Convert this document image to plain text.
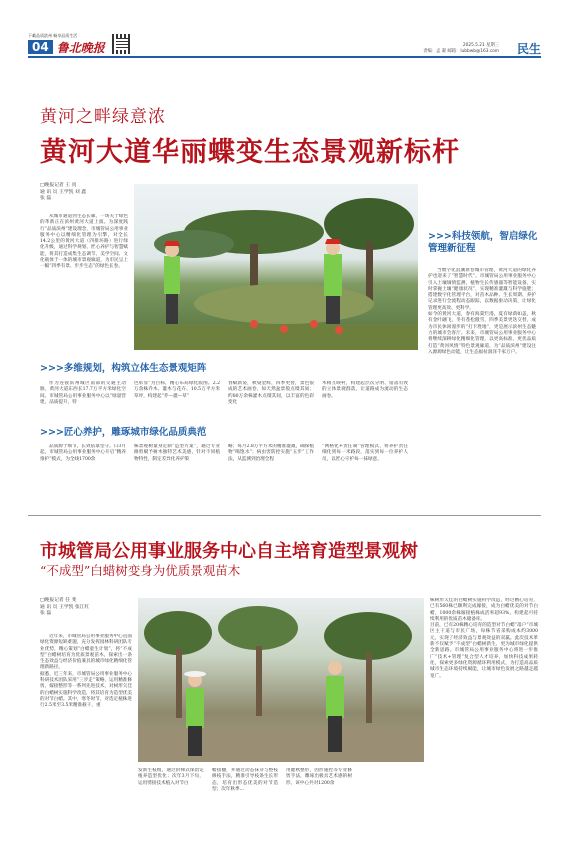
下載品质滨州 畅享品质生活
04 鲁北晚报	2025.5.21 星期三
责编：孟 凝 邮箱：lubbwb@163.com 民生
黄河之畔绿意浓
黄河大道华丽蝶变生态景观新标杆
□晚报记者 王 真
通 讯 员 王学凯 刘 鑫
张 磊
从城市通道到生态长廊，一场关于绿色的革新正在滨州黄河大道上演。为深度践行“品质滨州”建设理念，市城管局公用事业服务中心以精细化管理为引擎，对全长14.2公里的黄河大道（四排环路）进行绿化升级，通过科学规划、匠心养护与智慧赋能，将其打造成集生态调节、美学空间、文化载体于一体的城市景观廊道，为市民呈上一幅“四季有景、步步生态”的绿色长卷。
>>>科技领航，智启绿化管理新征程
当数字化浪潮席卷城市管理，黄河大道的绿化养护也迎来了“智慧时代”。市城管局公用事业服务中心引入土壤墒情监测，植物生长传感器等智能设备，实时掌握土壤“健康状况”，实现精准灌溉与科学施肥；搭建数字化管理平台，对苗木品种、生长周期、养护记录进行全流程动态跟踪，以数据驱动决策，让绿化管理更高效、更科学。
如今的黄河大道，春有海棠烂漫，夏有绿荫如盖，秋有金叶翩飞，冬有苍松傲雪，四季美景更迭交替，成为市民休闲漫步的“打卡胜地”，更是展示滨州生态魅力的城市会客厅。未来，市城管局公用事业服务中心将继续深耕绿化精细化管理，以更高标准、更优品质打造“黄河风情”特色景观廊道，为“品质滨州”建设注入源源绿色动能，让生态福祉润泽千家万户。
>>>多维规划，构筑立体生态景观矩阵
作为连接滨州城区南部的交通主动脉，黄河大道东西长17.7万平方米绿化空间。市城管局公用事业服务中心以“绿量营建，品质提升，特
色彰显”为目标，精心布局绿化版图。2.2万余株乔木、灌木与花卉、10.5万平方米草坪，构建起“乔—灌—草”
春赋新姿，秋染金辉，四季更替，景色很成的艺术画卷，如天然盆景般点缀其间；约80万余株灌木点缀其间，以丰富的色彩变化
木相互映衬，构建起层次分明、错落有致的立体景观群落，让道路成为流动的生态画卷。
>>>匠心养护，雕琢城市绿化品质典范
品质源于细节，长效依靠坚守。日3月起，市城管局公用事业服务中心开启“精养推护”模式，为全线1700余
株景观树量身定制“造型方案”，通过专业修剪赋予树木独特艺术美感，针对不同植物特性，制定差异化养护策
略；每月2.8万平方米的精准灌溉，确保植物“喝饱水”；病虫害防控实施“五步”工作法，从监测到治理全程
“网格化+责任制”管理模式，将养护责任细化到每一米路段，落实到每一位养护人员，以匠心守护每一抹绿意。
市城管局公用事业服务中心自主培育造型景观树
“不成型”白蜡树变身为优质景观苗木
□晚报记者 任 斐
通 讯 员 王学凯 张江红
张 磊
近年来，市城管局公用事业服务中心直面绿化资源短缺难题，充分发挥园林科研团队专业优势，精心策划“白蜡童生计划”，将“不成型”白蜡树培育为优质景观苗木，探索出一条生态效益与经济价值兼具的城市绿化精细化管理新路径。
据悉，近三年来，市城管局公用事业服务中心科研技术团队采用“三步走”策略，运用精准修剪、嫁接整形等一系列先进技术，对树形欠佳的白蜡树实施科学改造，将其培育为造型优美的对节白蜡。其中，寒冬时节，对选定植株进行2.5米至3.5米精准截干，重
发新生枝梢，通过阶梯式保留定植养造型优化；次年3月下旬，运用劈接技术植入对节白
蜡接穗，并通过动态抹芽与整枝修枝手法，精准引导枝条生长形态，培育出形态优美的对节造型；次年秋季...
用健秋整形，因形施控等专业修剪手法，雕琢出极具艺术感的树形。该中心共对1200余
株树形欠佳的白蜡树实施科学改造，经过精心培育，已有560株已顺利完成嫁接，成为白蜡优美的对节白蜡，1000余株嫁接植株成活率超93%，构建起可持续利用的优质苗木储备库。
目前，已有20株精心培育的造型对节白蜡“落户”市城区主干道与市民广场，每株节省采购成本约3000元，实现了经济效益与景观效益的双赢。此次技术革新不仅赋予“不成型”白蜡树新生，更为城市绿化提供全新思路。市城管局公用事业服务中心将进一步推广“技术+管理”复合型人才培养，加快科技成果转化，探索更多绿化资源循环利用模式，为打造高品质城市生态环境持续赋能，让城市绿色发展之路越走越宽广。
